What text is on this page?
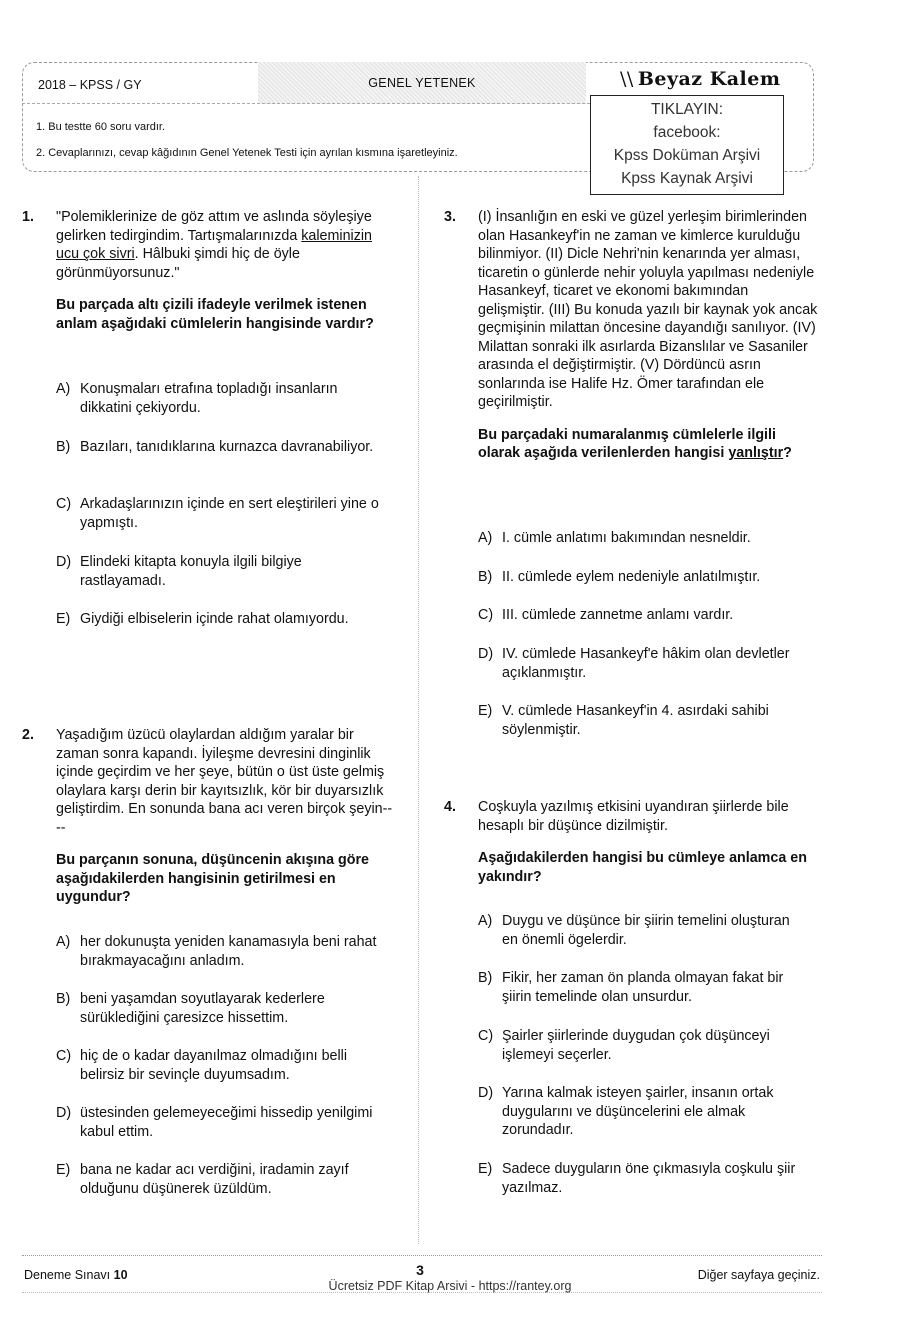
2018 – KPSS / GY	GENEL YETENEK	\\ Beyaz Kalem
TIKLAYIN:
facebook:
Kpss Doküman Arşivi
Kpss Kaynak Arşivi
1. Bu testte 60 soru vardır.
2. Cevaplarınızı, cevap kâğıdının Genel Yetenek Testi için ayrılan kısmına işaretleyiniz.
1. "Polemiklerinize de göz attım ve aslında söyleşiye gelirken tedirgindim. Tartışmalarınızda kaleminizin ucu çok sivri. Hâlbuki şimdi hiç de öyle görünmüyorsunuz."

Bu parçada altı çizili ifadeyle verilmek istenen anlam aşağıdaki cümlelerin hangisinde vardır?

A) Konuşmaları etrafına topladığı insanların dikkatini çekiyordu.
B) Bazıları, tanıdıklarına kurnazca davranabiliyor.
C) Arkadaşlarınızın içinde en sert eleştirileri yine o yapmıştı.
D) Elindeki kitapta konuyla ilgili bilgiye rastlayamadı.
E) Giydiği elbiselerin içinde rahat olamıyordu.
2. Yaşadığım üzücü olaylardan aldığım yaralar bir zaman sonra kapandı. İyileşme devresini dinginlik içinde geçirdim ve her şeye, bütün o üst üste gelmiş olaylara karşı derin bir kayıtsızlık, kör bir duyarsızlık geliştirdim. En sonunda bana acı veren birçok şeyin----

Bu parçanın sonuna, düşüncenin akışına göre aşağıdakilerden hangisinin getirilmesi en uygundur?

A) her dokunuşta yeniden kanamasıyla beni rahat bırakmayacağını anladım.
B) beni yaşamdan soyutlayarak kederlere sürüklediğini çaresizce hissettim.
C) hiç de o kadar dayanılmaz olmadığını belli belirsiz bir sevinçle duyumsadım.
D) üstesinden gelemeyeceğimi hissedip yenilgimi kabul ettim.
E) bana ne kadar acı verdiğini, iradamin zayıf olduğunu düşünerek üzüldüm.
3. (I) İnsanlığın en eski ve güzel yerleşim birimlerinden olan Hasankeyf'in ne zaman ve kimlerce kurulduğu bilinmiyor. (II) Dicle Nehri'nin kenarında yer alması, ticaretin o günlerde nehir yoluyla yapılması nedeniyle Hasankeyf, ticaret ve ekonomi bakımından gelişmiştir. (III) Bu konuda yazılı bir kaynak yok ancak geçmişinin milattan öncesine dayandığı sanılıyor. (IV) Milattan sonraki ilk asırlarda Bizanslılar ve Sasaniler arasında el değiştirmiştir. (V) Dördüncü asrın sonlarında ise Halife Hz. Ömer tarafından ele geçirilmiştir.

Bu parçadaki numaralanmış cümlelerle ilgili olarak aşağıda verilenlerden hangisi yanlıştır?

A) I. cümle anlatımı bakımından nesneldir.
B) II. cümlede eylem nedeniyle anlatılmıştır.
C) III. cümlede zannetme anlamı vardır.
D) IV. cümlede Hasankeyf'e hâkim olan devletler açıklanmıştır.
E) V. cümlede Hasankeyf'in 4. asırdaki sahibi söylenmiştir.
4. Coşkuyla yazılmış etkisini uyandıran şiirlerde bile hesaplı bir düşünce dizilmiştir.

Aşağıdakilerden hangisi bu cümleye anlamca en yakındır?

A) Duygu ve düşünce bir şiirin temelini oluşturan en önemli ögelerdir.
B) Fikir, her zaman ön planda olmayan fakat bir şiirin temelinde olan unsurdur.
C) Şairler şiirlerinde duygudan çok düşünceyi işlemeyi seçerler.
D) Yarına kalmak isteyen şairler, insanın ortak duygularını ve düşüncelerini ele almak zorundadır.
E) Sadece duyguların öne çıkmasıyla coşkulu şiir yazılmaz.
Deneme Sınavı 10	3
Ücretsiz PDF Kitap Arsivi - https://rantey.org
Diğer sayfaya geçiniz.
